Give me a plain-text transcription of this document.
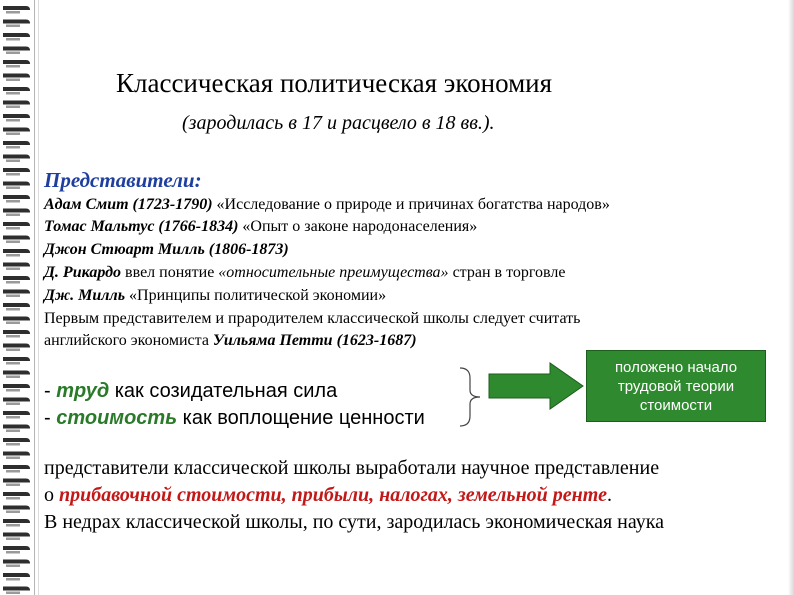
Классическая политическая экономия
(зародилась в 17 и расцвело в 18 вв.).
Представители:
Адам Смит (1723-1790) «Исследование о природе и причинах богатства народов»
Томас Мальтус (1766-1834) «Опыт о законе народонаселения»
Джон Стюарт Милль (1806-1873)
Д. Рикардо ввел понятие «относительные преимущества» стран в торговле
Дж. Милль «Принципы политической экономии»
Первым представителем и прародителем классической школы следует считать
английского экономиста Уильяма Петти (1623-1687)
- труд как созидательная сила
- стоимость как воплощение ценности
положено начало
трудовой теории
стоимости
представители классической школы выработали научное представление
о прибавочной стоимости, прибыли, налогах, земельной ренте.
В недрах классической школы, по сути, зародилась экономическая наука
